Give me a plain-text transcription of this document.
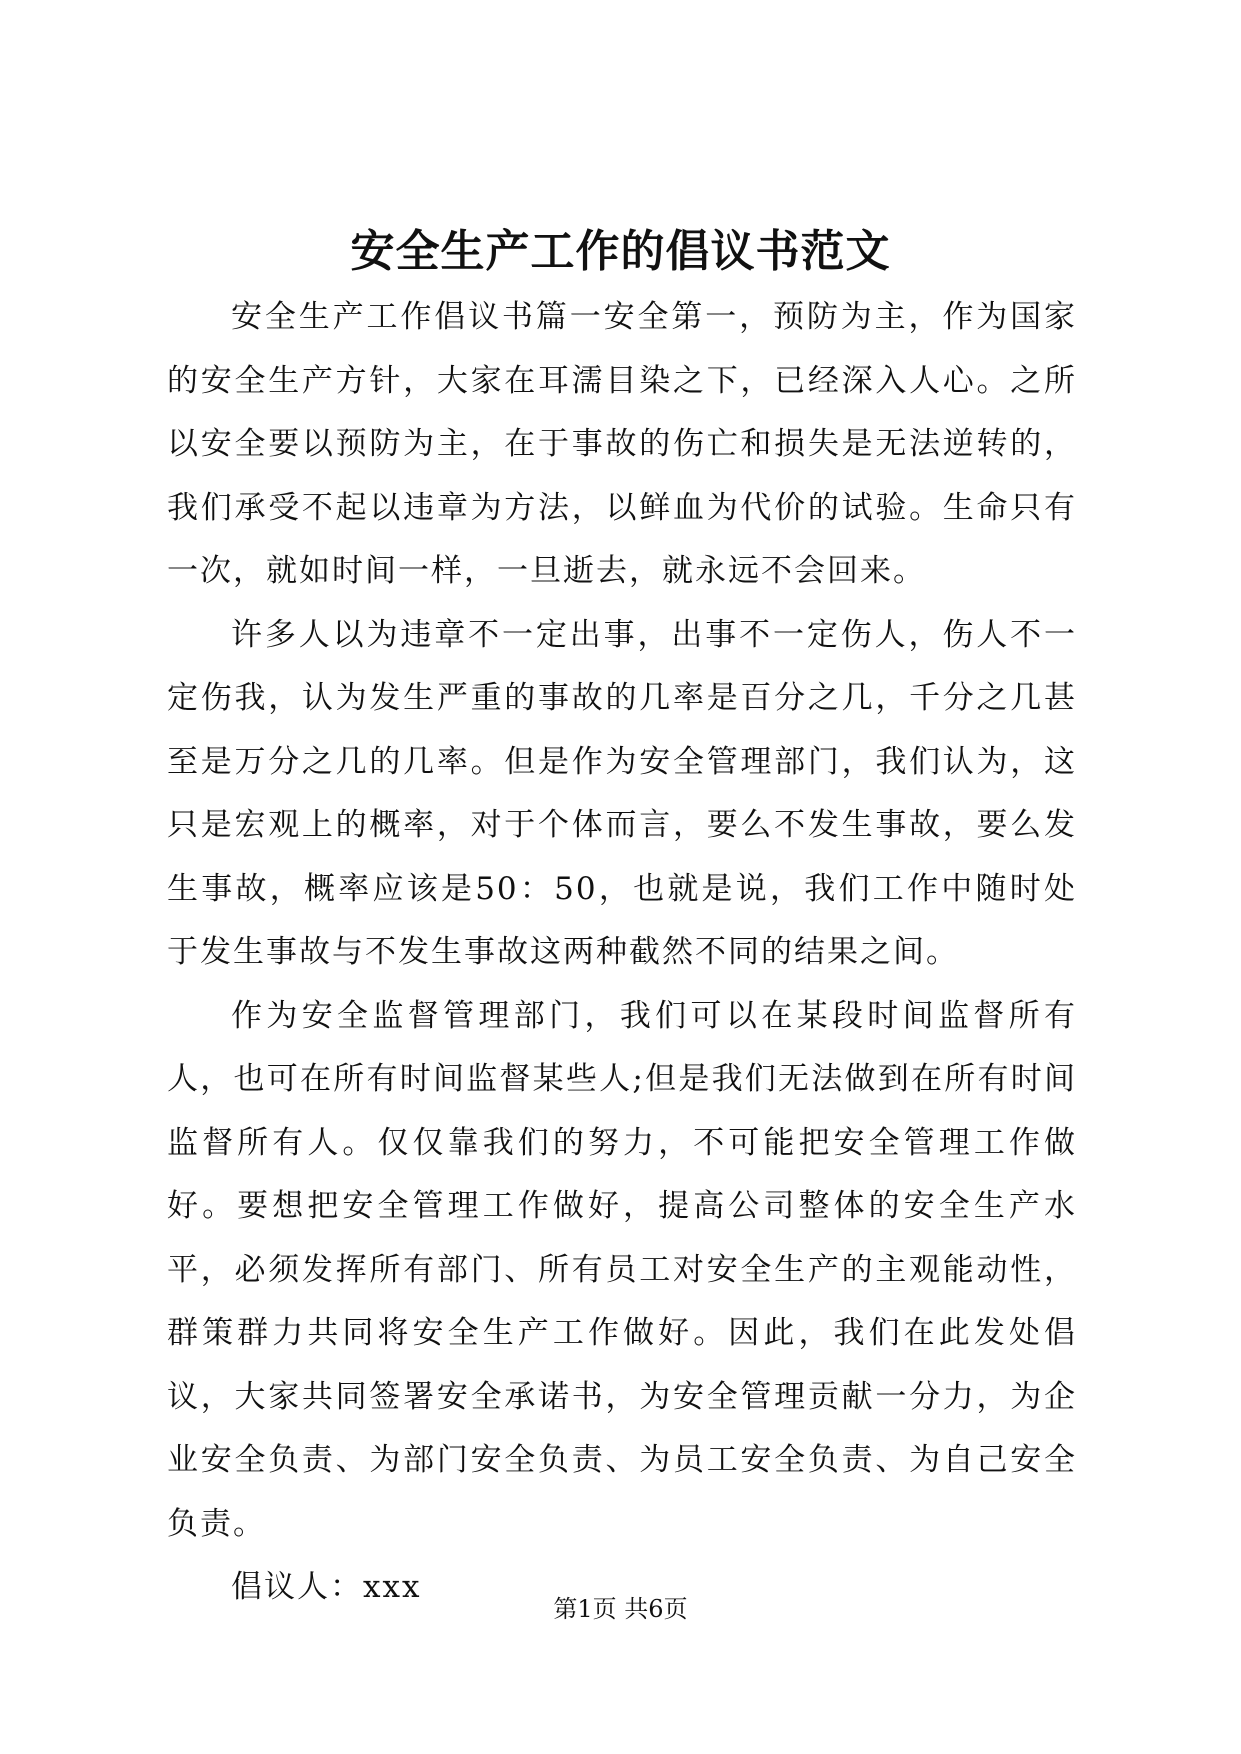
安全生产工作的倡议书范文

安全生产工作倡议书篇一安全第一，预防为主，作为国家的安全生产方针，大家在耳濡目染之下，已经深入人心。之所以安全要以预防为主，在于事故的伤亡和损失是无法逆转的，我们承受不起以违章为方法，以鲜血为代价的试验。生命只有一次，就如时间一样，一旦逝去，就永远不会回来。

许多人以为违章不一定出事，出事不一定伤人，伤人不一定伤我，认为发生严重的事故的几率是百分之几，千分之几甚至是万分之几的几率。但是作为安全管理部门，我们认为，这只是宏观上的概率，对于个体而言，要么不发生事故，要么发生事故，概率应该是50：50，也就是说，我们工作中随时处于发生事故与不发生事故这两种截然不同的结果之间。

作为安全监督管理部门，我们可以在某段时间监督所有人，也可在所有时间监督某些人;但是我们无法做到在所有时间监督所有人。仅仅靠我们的努力，不可能把安全管理工作做好。要想把安全管理工作做好，提高公司整体的安全生产水平，必须发挥所有部门、所有员工对安全生产的主观能动性，群策群力共同将安全生产工作做好。因此，我们在此发处倡议，大家共同签署安全承诺书，为安全管理贡献一分力，为企业安全负责、为部门安全负责、为员工安全负责、为自己安全负责。

倡议人：xxx

第1页 共6页
